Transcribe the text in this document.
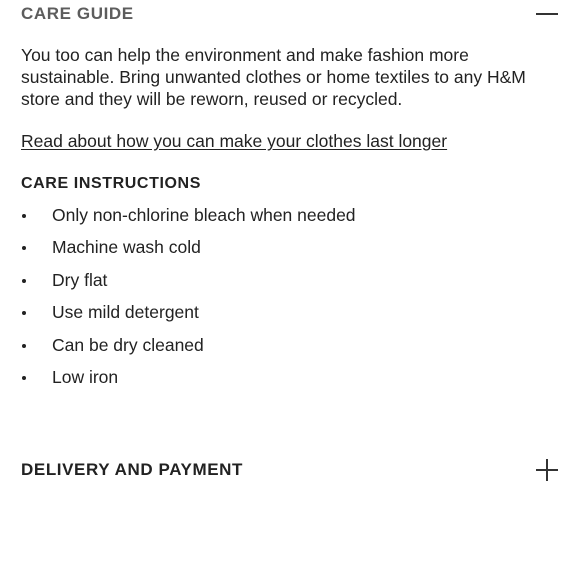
CARE GUIDE

You too can help the environment and make fashion more sustainable. Bring unwanted clothes or home textiles to any H&M store and they will be reworn, reused or recycled.

Read about how you can make your clothes last longer
CARE INSTRUCTIONS
Only non-chlorine bleach when needed
Machine wash cold
Dry flat
Use mild detergent
Can be dry cleaned
Low iron
DELIVERY AND PAYMENT
